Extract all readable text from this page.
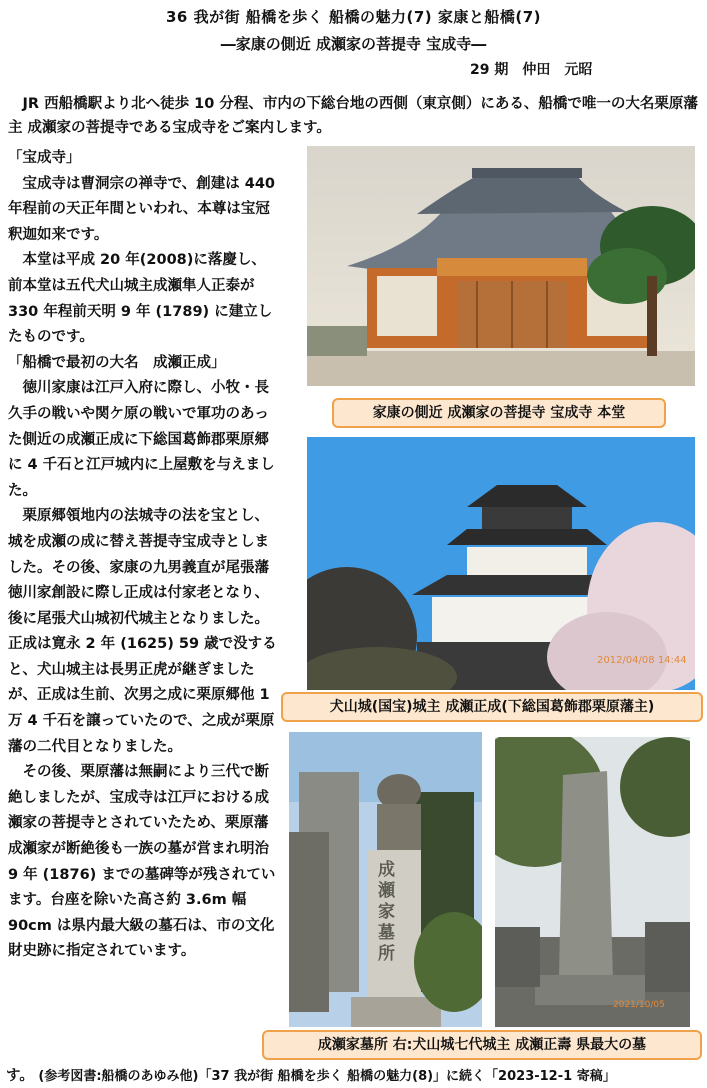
36 我が街 船橋を歩く 船橋の魅力(7) 家康と船橋(7)
―家康の側近 成瀬家の菩提寺 宝成寺―
29 期　仲田　元昭
JR 西船橋駅より北へ徒歩 10 分程、市内の下総台地の西側（東京側）にある、船橋で唯一の大名栗原藩主 成瀬家の菩提寺である宝成寺をご案内します。

「宝成寺」

宝成寺は曹洞宗の禅寺で、創建は 440 年程前の天正年間といわれ、本尊は宝冠釈迦如来です。

本堂は平成 20 年(2008)に落慶し、前本堂は五代犬山城主成瀬隼人正泰が 330 年程前天明 9 年 (1789) に建立したものです。

「船橋で最初の大名　成瀬正成」

徳川家康は江戸入府に際し、小牧・長久手の戦いや関ケ原の戦いで軍功のあった側近の成瀬正成に下総国葛飾郡栗原郷に 4 千石と江戸城内に上屋敷を与えました。

栗原郷領地内の法城寺の法を宝とし、城を成瀬の成に替え菩提寺宝成寺としました。その後、家康の九男義直が尾張藩徳川家創設に際し正成は付家老となり、後に尾張犬山城初代城主となりました。正成は寛永 2 年 (1625) 59 歳で没すると、犬山城主は長男正虎が継ぎましたが、正成は生前、次男之成に栗原郷他 1 万 4 千石を譲っていたので、之成が栗原藩の二代目となりました。

その後、栗原藩は無嗣により三代で断絶しましたが、宝成寺は江戸における成瀬家の菩提寺とされていたため、栗原藩成瀬家が断絶後も一族の墓が営まれ明治 9 年 (1876) までの墓碑等が残されています。台座を除いた高さ約 3.6m 幅 90cm は県内最大級の墓石は、市の文化財史跡に指定されています。

家康の側近 成瀬家の菩提寺 宝成寺 本堂
2012/04/08 14:44
犬山城(国宝)城主 成瀬正成(下総国葛飾郡栗原藩主)
成瀬家墓所
2021/10/05
成瀬家墓所 右:犬山城七代城主 成瀬正壽 県最大の墓
す。 (参考図書:船橋のあゆみ他)「37 我が街 船橋を歩く 船橋の魅力(8)」に続く「2023-12-1 寄稿」
